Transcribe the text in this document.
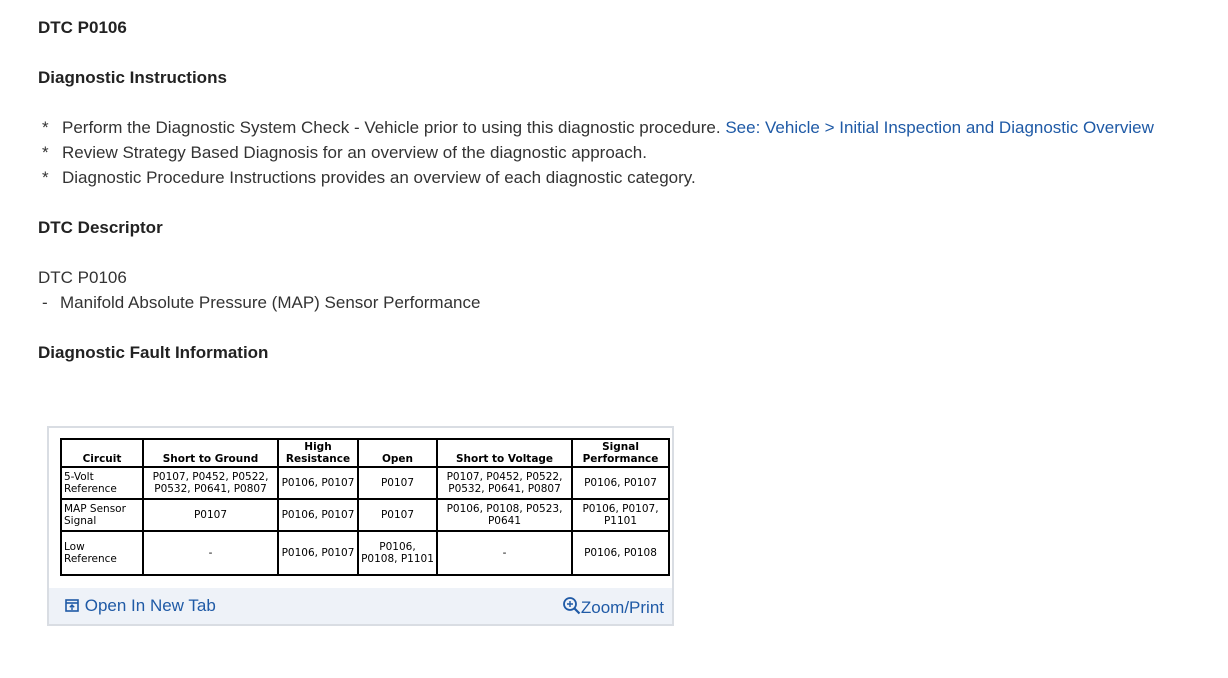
DTC P0106
Diagnostic Instructions
* Perform the Diagnostic System Check - Vehicle prior to using this diagnostic procedure. See: Vehicle > Initial Inspection and Diagnostic Overview
* Review Strategy Based Diagnosis for an overview of the diagnostic approach.
* Diagnostic Procedure Instructions provides an overview of each diagnostic category.
DTC Descriptor
DTC P0106
- Manifold Absolute Pressure (MAP) Sensor Performance
Diagnostic Fault Information
Circuit	Short to Ground	High Resistance	Open	Short to Voltage	Signal Performance
5-Volt Reference	P0107, P0452, P0522, P0532, P0641, P0807	P0106, P0107	P0107	P0107, P0452, P0522, P0532, P0641, P0807	P0106, P0107
MAP Sensor Signal	P0107	P0106, P0107	P0107	P0106, P0108, P0523, P0641	P0106, P0107, P1101
Low Reference	-	P0106, P0107	P0106, P0108, P1101	-	P0106, P0108
Open In New Tab	Zoom/Print
